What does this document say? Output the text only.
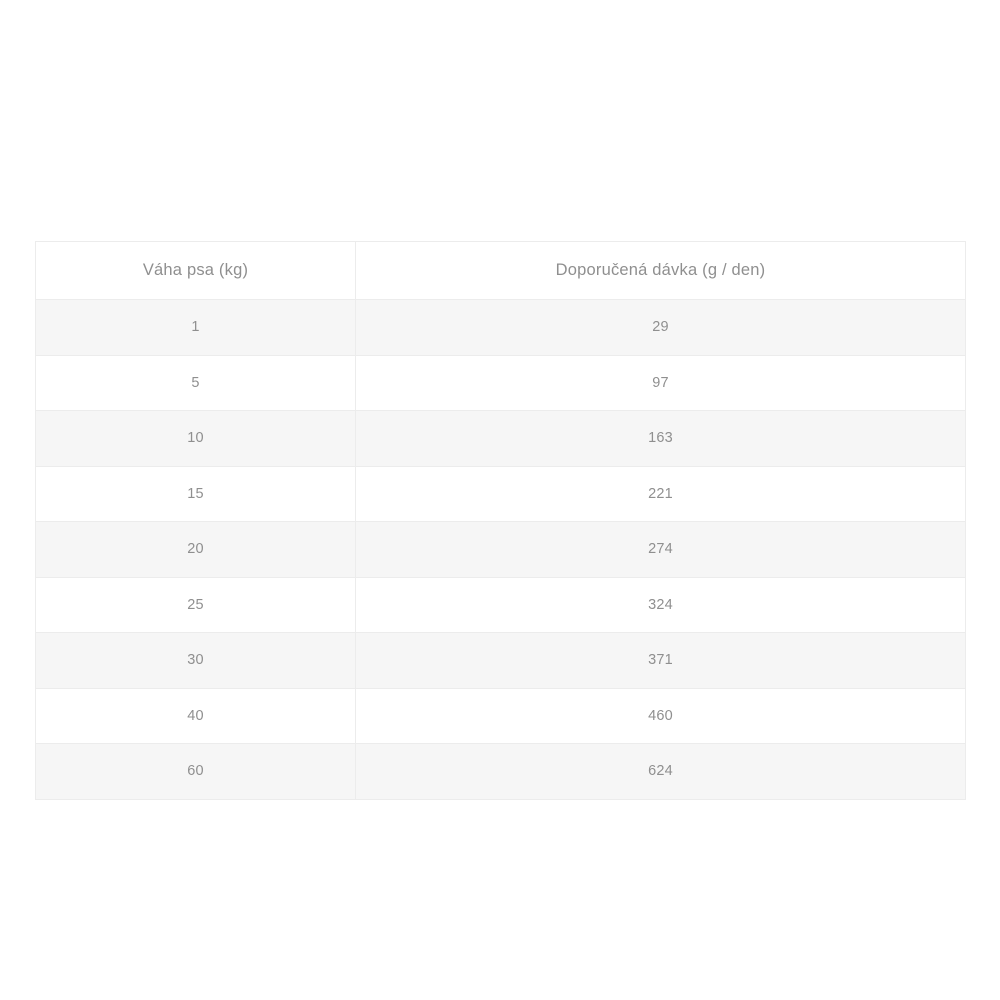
Váha psa (kg)	Doporučená dávka (g / den)
1	29
5	97
10	163
15	221
20	274
25	324
30	371
40	460
60	624
